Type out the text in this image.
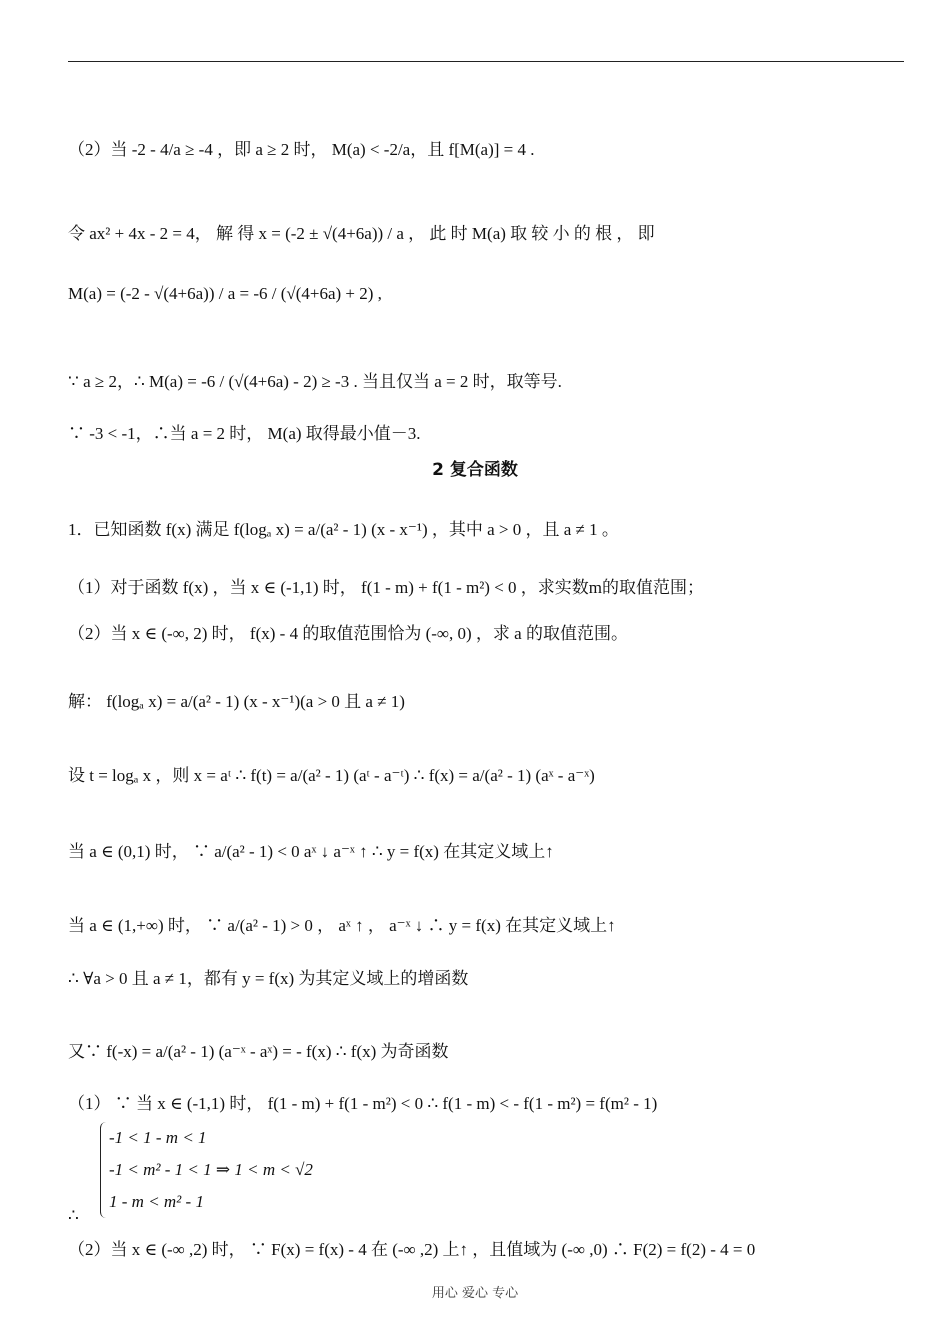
（2）当 -2 - 4/a ≥ -4 ，即 a ≥ 2 时， M(a) < -2/a，且 f[M(a)] = 4 .
令 ax² + 4x - 2 = 4， 解 得 x = (-2 ± √(4+6a)) / a ， 此 时 M(a) 取 较 小 的 根 ， 即
M(a) = (-2 - √(4+6a)) / a = -6 / (√(4+6a) + 2) ,
∵ a ≥ 2，∴ M(a) = -6 / (√(4+6a) - 2) ≥ -3 . 当且仅当 a = 2 时，取等号.
∵ -3 < -1，∴当 a = 2 时， M(a) 取得最小值－3.
2 复合函数
1．已知函数 f(x) 满足 f(logₐ x) = a/(a² - 1) (x - x⁻¹) ，其中 a > 0 ，且 a ≠ 1 。
（1）对于函数 f(x) ，当 x ∈ (-1,1) 时， f(1 - m) + f(1 - m²) < 0 ，求实数m的取值范围；
（2）当 x ∈ (-∞, 2) 时， f(x) - 4 的取值范围恰为 (-∞, 0) ，求 a 的取值范围。
解： f(logₐ x) = a/(a² - 1) (x - x⁻¹)(a > 0 且 a ≠ 1)
设 t = logₐ x ，则 x = aᵗ ∴ f(t) = a/(a² - 1) (aᵗ - a⁻ᵗ) ∴ f(x) = a/(a² - 1) (aˣ - a⁻ˣ)
当 a ∈ (0,1) 时， ∵ a/(a² - 1) < 0 aˣ ↓ a⁻ˣ ↑ ∴ y = f(x) 在其定义域上↑
当 a ∈ (1,+∞) 时， ∵ a/(a² - 1) > 0 ， aˣ ↑ ， a⁻ˣ ↓ ∴ y = f(x) 在其定义域上↑
∴ ∀a > 0 且 a ≠ 1，都有 y = f(x) 为其定义域上的增函数
又∵ f(-x) = a/(a² - 1) (a⁻ˣ - aˣ) = - f(x) ∴ f(x) 为奇函数
（1） ∵ 当 x ∈ (-1,1) 时， f(1 - m) + f(1 - m²) < 0 ∴ f(1 - m) < - f(1 - m²) = f(m² - 1)
-1 < 1 - m < 1
-1 < m² - 1 < 1 ⇒ 1 < m < √2
1 - m < m² - 1
∴
（2）当 x ∈ (-∞ ,2) 时， ∵ F(x) = f(x) - 4 在 (-∞ ,2) 上↑ ，且值域为 (-∞ ,0) ∴ F(2) = f(2) - 4 = 0
用心 爱心 专心
